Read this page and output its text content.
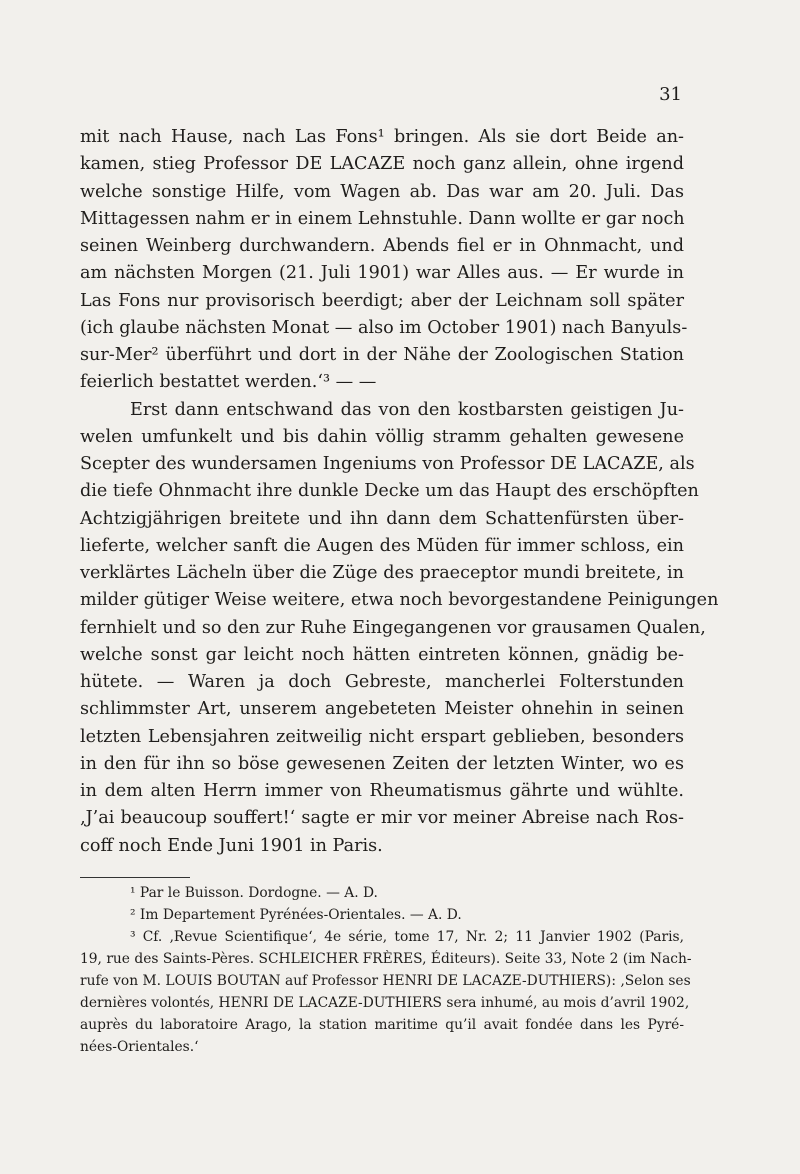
31
mit nach Hause, nach Las Fons¹ bringen. Als sie dort Beide an-
kamen, stieg Professor DE LACAZE noch ganz allein, ohne irgend
welche sonstige Hilfe, vom Wagen ab. Das war am 20. Juli. Das
Mittagessen nahm er in einem Lehnstuhle. Dann wollte er gar noch
seinen Weinberg durchwandern. Abends fiel er in Ohnmacht, und
am nächsten Morgen (21. Juli 1901) war Alles aus. — Er wurde in
Las Fons nur provisorisch beerdigt; aber der Leichnam soll später
(ich glaube nächsten Monat — also im October 1901) nach Banyuls-
sur-Mer² überführt und dort in der Nähe der Zoologischen Station
feierlich bestattet werden.‘³ — —
Erst dann entschwand das von den kostbarsten geistigen Ju-
welen umfunkelt und bis dahin völlig stramm gehalten gewesene
Scepter des wundersamen Ingeniums von Professor DE LACAZE, als
die tiefe Ohnmacht ihre dunkle Decke um das Haupt des erschöpften
Achtzigjährigen breitete und ihn dann dem Schattenfürsten über-
lieferte, welcher sanft die Augen des Müden für immer schloss, ein
verklärtes Lächeln über die Züge des praeceptor mundi breitete, in
milder gütiger Weise weitere, etwa noch bevorgestandene Peinigungen
fernhielt und so den zur Ruhe Eingegangenen vor grausamen Qualen,
welche sonst gar leicht noch hätten eintreten können, gnädig be-
hütete. — Waren ja doch Gebreste, mancherlei Folterstunden
schlimmster Art, unserem angebeteten Meister ohnehin in seinen
letzten Lebensjahren zeitweilig nicht erspart geblieben, besonders
in den für ihn so böse gewesenen Zeiten der letzten Winter, wo es
in dem alten Herrn immer von Rheumatismus gährte und wühlte.
‚J’ai beaucoup souffert!‘ sagte er mir vor meiner Abreise nach Ros-
coff noch Ende Juni 1901 in Paris.
¹ Par le Buisson. Dordogne. — A. D.
² Im Departement Pyrénées-Orientales. — A. D.
³ Cf. ‚Revue Scientifique‘, 4e série, tome 17, Nr. 2; 11 Janvier 1902 (Paris,
19, rue des Saints-Pères. SCHLEICHER FRÈRES, Éditeurs). Seite 33, Note 2 (im Nach-
rufe von M. LOUIS BOUTAN auf Professor HENRI DE LACAZE-DUTHIERS): ‚Selon ses
dernières volontés, HENRI DE LACAZE-DUTHIERS sera inhumé, au mois d’avril 1902,
auprès du laboratoire Arago, la station maritime qu’il avait fondée dans les Pyré-
nées-Orientales.‘
